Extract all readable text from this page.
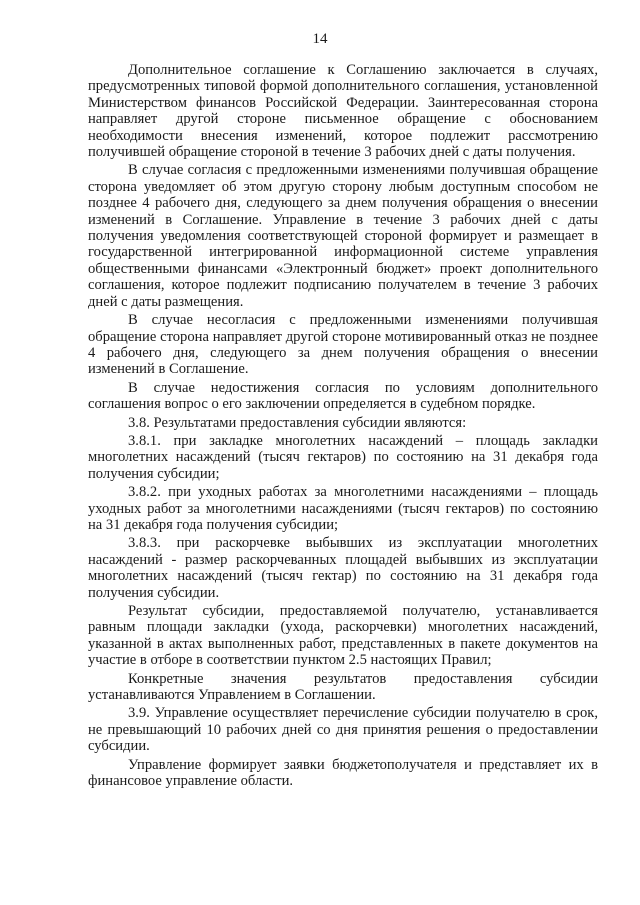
14

Дополнительное соглашение к Соглашению заключается в случаях, предусмотренных типовой формой дополнительного соглашения, установленной Министерством финансов Российской Федерации. Заинтересованная сторона направляет другой стороне письменное обращение с обоснованием необходимости внесения изменений, которое подлежит рассмотрению получившей обращение стороной в течение 3 рабочих дней с даты получения.

В случае согласия с предложенными изменениями получившая обращение сторона уведомляет об этом другую сторону любым доступным способом не позднее 4 рабочего дня, следующего за днем получения обращения о внесении изменений в Соглашение. Управление в течение 3 рабочих дней с даты получения уведомления соответствующей стороной формирует и размещает в государственной интегрированной информационной системе управления общественными финансами «Электронный бюджет» проект дополнительного соглашения, которое подлежит подписанию получателем в течение 3 рабочих дней с даты размещения.

В случае несогласия с предложенными изменениями получившая обращение сторона направляет другой стороне мотивированный отказ не позднее 4 рабочего дня, следующего за днем получения обращения о внесении изменений в Соглашение.

В случае недостижения согласия по условиям дополнительного соглашения вопрос о его заключении определяется в судебном порядке.

3.8. Результатами предоставления субсидии являются:

3.8.1. при закладке многолетних насаждений – площадь закладки многолетних насаждений (тысяч гектаров) по состоянию на 31 декабря года получения субсидии;

3.8.2. при уходных работах за многолетними насаждениями – площадь уходных работ за многолетними насаждениями (тысяч гектаров) по состоянию на 31 декабря года получения субсидии;

3.8.3. при раскорчевке выбывших из эксплуатации многолетних насаждений - размер раскорчеванных площадей выбывших из эксплуатации многолетних насаждений (тысяч гектар) по состоянию на 31 декабря года получения субсидии.

Результат субсидии, предоставляемой получателю, устанавливается равным площади закладки (ухода, раскорчевки) многолетних насаждений, указанной в актах выполненных работ, представленных в пакете документов на участие в отборе в соответствии пунктом 2.5 настоящих Правил;

Конкретные значения результатов предоставления субсидии устанавливаются Управлением в Соглашении.

3.9. Управление осуществляет перечисление субсидии получателю в срок, не превышающий 10 рабочих дней со дня принятия решения о предоставлении субсидии.

Управление формирует заявки бюджетополучателя и представляет их в финансовое управление области.
